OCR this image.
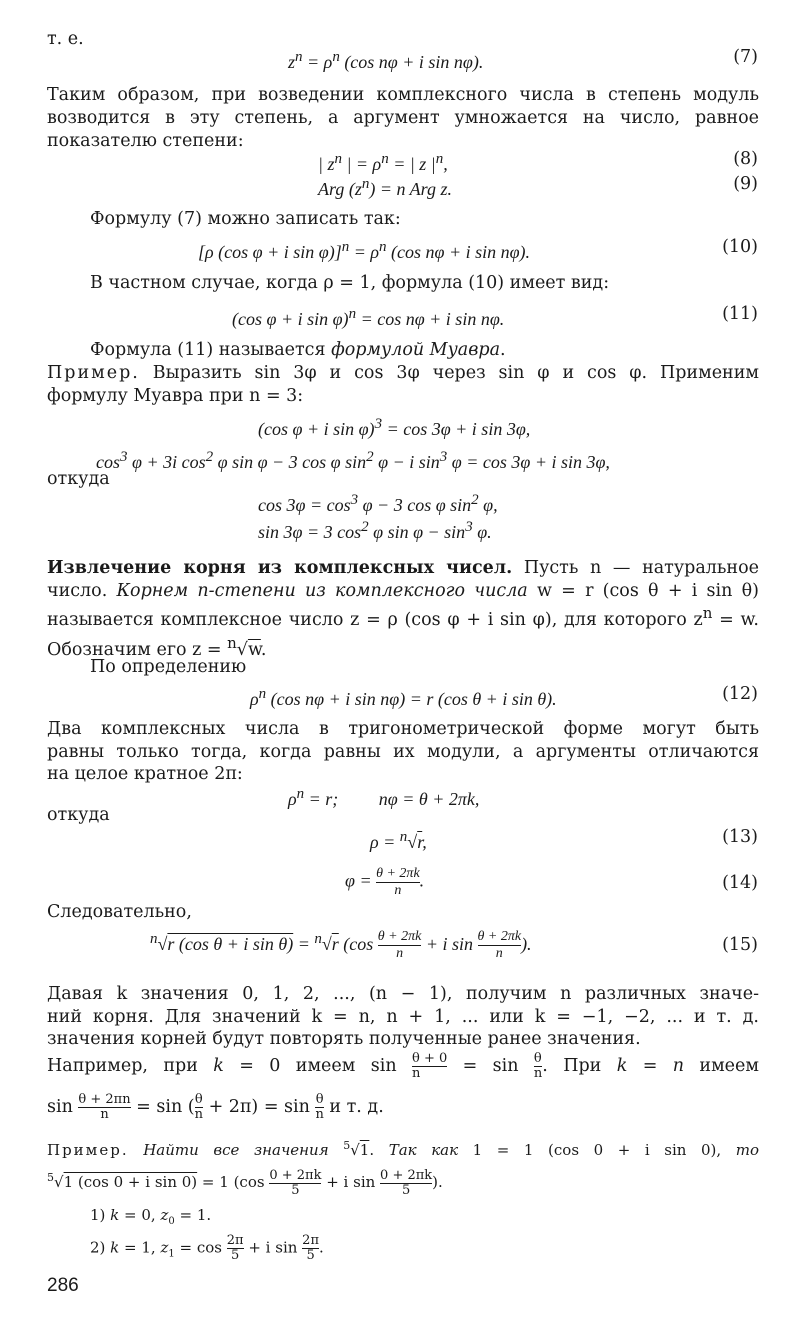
т. е.
$z^n = \rho^n$ (cos nφ + i sin nφ).	(7)
Таким образом, при возведении комплексного числа в степень модуль
возводится в эту степень, а аргумент умножается на число, равное
показателю степени:
| $z^n$ | = $\rho^n$ = | z $|^n$,	(8)
Arg $(z^n) = n$ Arg z.	(9)
Формулу (7) можно записать так:
[ρ (cos φ + i $\sin \varphi)]^n = \rho^n$ (cos nφ + i sin nφ).	(10)
В частном случае, когда ρ = 1, формула (10) имеет вид:
(cos φ + i sin φ)$^n$ = cos nφ + i sin nφ.	(11)
Формула (11) называется формулой Муавра.
Пример. Выразить sin 3φ и cos 3φ через sin φ и cos φ. Применим
формулу Муавра при n = 3:
(cos φ + i sin φ)$^3$ = cos 3φ + i sin 3φ,
$\cos^3 \varphi + 3i$ $\cos^2 \varphi$ sin φ − 3 cos φ $\sin^2 \varphi - i$ $\sin^3 \varphi = \cos 3\varphi + i$ sin 3φ,
откуда
$\cos 3\varphi = \cos^3 \varphi - 3$ cos φ $\sin^2 \varphi$,
sin 3φ = 3 $\cos^2 \varphi$ $\sin \varphi - \sin^3 \varphi$.
Извлечение корня из комплексных чисел. Пусть n — натуральное
число. Корнем n-степени из комплексного числа w = r (cos θ + i sin θ)
называется комплексное число z = ρ (cos φ + i sin φ), для которого $z^n = w$.
Обозначим его z = $^n$√w.
По определению
$\rho^n$ (cos nφ + i sin nφ) = r (cos θ + i sin θ).	(12)
Два комплексных числа в тригонометрической форме могут быть
равны только тогда, когда равны их модули, а аргументы отличаются
на целое кратное 2π:
$\rho^n = r$;         nφ = θ + 2πk,
откуда
ρ = $^n$√r,	(13)
$\varphi = \frac{\theta + 2\pi k}{n}$ .	(14)
Следовательно,
$^n$√r (cos θ + i sin θ) = $^n$√r ($\cos \frac{\theta + 2\pi k}{n} + i$ $\sin \frac{\theta + 2\pi k}{n}$ ).	(15)
Давая k значения 0, 1, 2, ..., (n − 1), получим n различных значе-
ний корня. Для значений k = n, n + 1, ... или k = −1, −2, ... и т. д.
значения корней будут повторять полученные ранее значения.
Например, при k = 0 имеем $\sin \frac{\theta + 0}{n} = \sin \frac{\theta}{n}$ . При k = n имеем
$\sin \frac{\theta + 2\pi n}{n} = \sin$ ( $\frac{\theta}{n} + 2\pi) = \sin \frac{\theta}{n}$ и т. д.
Пример. Найти все значения $^5$√1. Так как 1 = 1 (cos 0 + i sin 0), то
$^5$√1 (cos 0 + i sin 0) = 1 ($\cos \frac{0 + 2\pi k}{5} + i$ $\sin \frac{0 + 2\pi k}{5}$ ).
1) k = 0, $z_0 = 1$.
2) k = 1, $z_1 = \cos \frac{2\pi}{5} + i$ $\sin \frac{2\pi}{5}$ .
286
